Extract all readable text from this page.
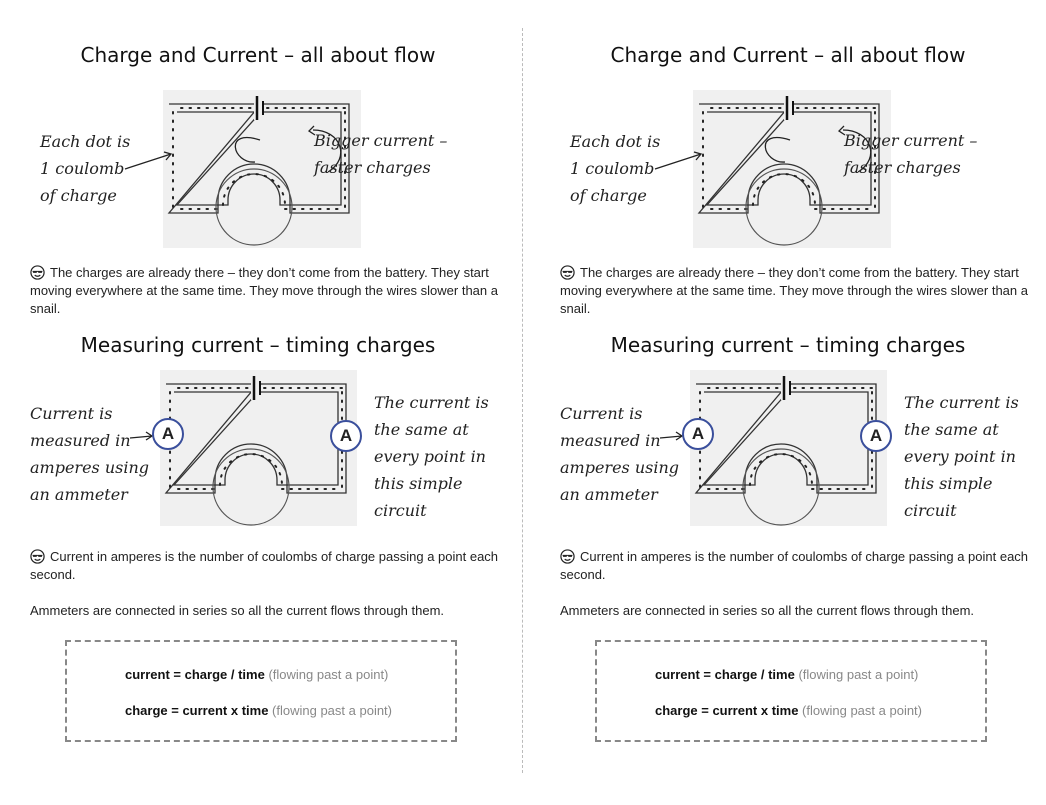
Charge and Current – all about flow
Each dot is
1 coulomb
of charge
Bigger current –
faster charges
The charges are already there – they don’t come from the battery. They start moving everywhere at the same time. They move through the wires slower than a snail.
Measuring current – timing charges
A	A
Current is
measured in
amperes using
an ammeter
The current is
the same at
every point in
this simple
circuit
Current in amperes is the number of coulombs of charge passing a point each second.
Ammeters are connected in series so all the current flows through them.
current = charge / time (flowing past a point)
charge = current x time (flowing past a point)
Charge and Current – all about flow
Each dot is
1 coulomb
of charge
Bigger current –
faster charges
The charges are already there – they don’t come from the battery. They start moving everywhere at the same time. They move through the wires slower than a snail.
Measuring current – timing charges
A	A
Current is
measured in
amperes using
an ammeter
The current is
the same at
every point in
this simple
circuit
Current in amperes is the number of coulombs of charge passing a point each second.
Ammeters are connected in series so all the current flows through them.
current = charge / time (flowing past a point)
charge = current x time (flowing past a point)
